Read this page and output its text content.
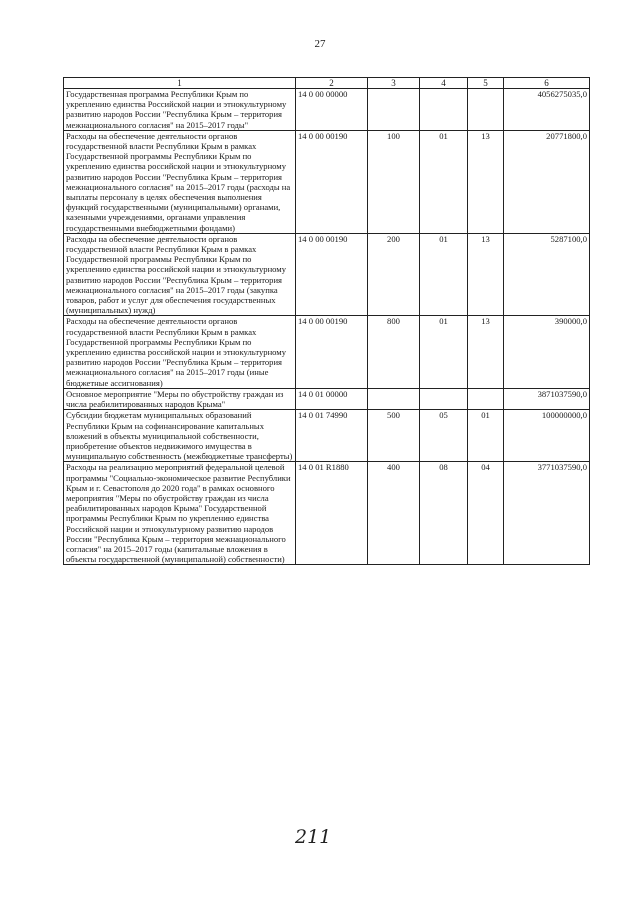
27
1	2	3	4	5	6
Государственная программа Республики Крым по укреплению единства Российской нации и этнокультурному развитию народов России "Республика Крым – территория межнационального согласия" на 2015–2017 годы"	14 0 00 00000				4056275035,0
Расходы на обеспечение деятельности органов государственной власти Республики Крым в рамках Государственной программы Республики Крым по укреплению единства российской нации и этнокультурному развитию народов России "Республика Крым – территория межнационального согласия" на 2015–2017 годы (расходы на выплаты персоналу в целях обеспечения выполнения функций государственными (муниципальными) органами, казенными учреждениями, органами управления государственными внебюджетными фондами)	14 0 00 00190	100	01	13	20771800,0
Расходы на обеспечение деятельности органов государственной власти Республики Крым в рамках Государственной программы Республики Крым по укреплению единства российской нации и этнокультурному развитию народов России "Республика Крым – территория межнационального согласия" на 2015–2017 годы (закупка товаров, работ и услуг для обеспечения государственных (муниципальных) нужд)	14 0 00 00190	200	01	13	5287100,0
Расходы на обеспечение деятельности органов государственной власти Республики Крым в рамках Государственной программы Республики Крым по укреплению единства российской нации и этнокультурному развитию народов России "Республика Крым – территория межнационального согласия" на 2015–2017 годы (иные бюджетные ассигнования)	14 0 00 00190	800	01	13	390000,0
Основное мероприятие "Меры по обустройству граждан из числа реабилитированных народов Крыма"	14 0 01 00000				3871037590,0
Субсидии бюджетам муниципальных образований Республики Крым на софинансирование капитальных вложений в объекты муниципальной собственности, приобретение объектов недвижимого имущества в муниципальную собственность (межбюджетные трансферты)	14 0 01 74990	500	05	01	100000000,0
Расходы на реализацию мероприятий федеральной целевой программы "Социально-экономическое развитие Республики Крым и г. Севастополя до 2020 года" в рамках основного мероприятия "Меры по обустройству граждан из числа реабилитированных народов Крыма" Государственной программы Республики Крым по укреплению единства Российской нации и этнокультурному развитию народов России "Республика Крым – территория межнационального согласия" на 2015–2017 годы (капитальные вложения в объекты государственной (муниципальной) собственности)	14 0 01 R1880	400	08	04	3771037590,0
211
